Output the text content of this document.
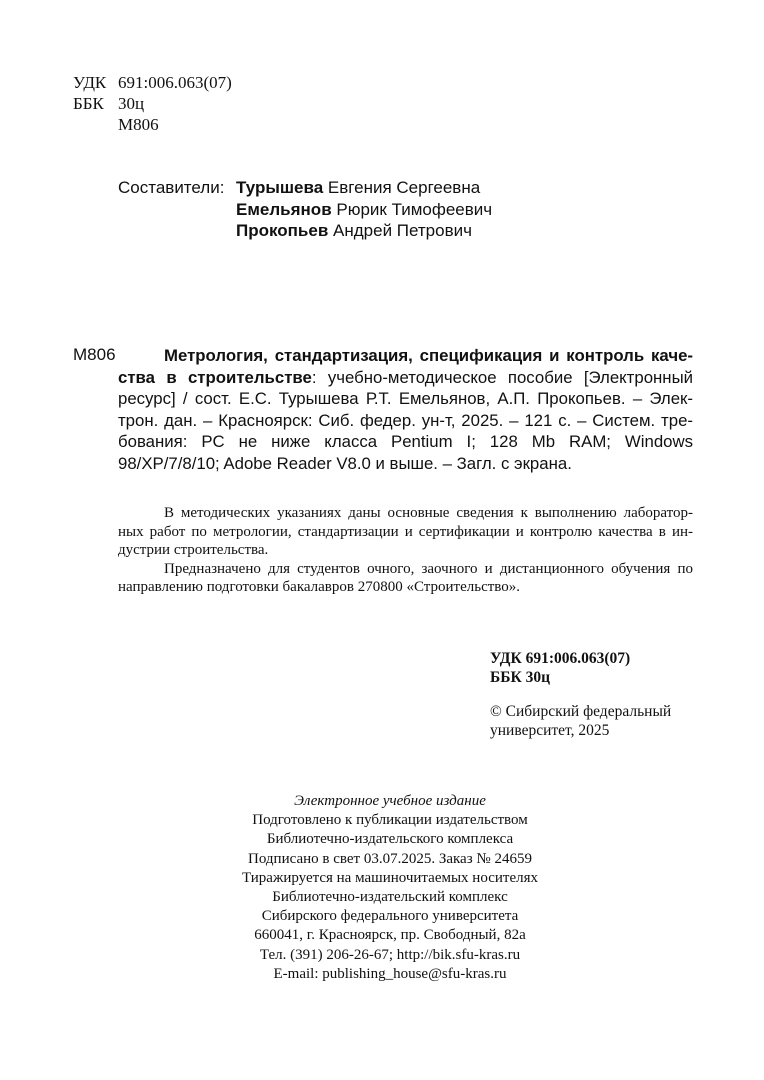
УДК 691:006.063(07)
ББК 30ц
М806
Составители: Турышева Евгения Сергеевна
Емельянов Рюрик Тимофеевич
Прокопьев Андрей Петрович
М806	Метрология, стандартизация, спецификация и контроль каче-
ства в строительстве: учебно-методическое пособие [Электронный
ресурс] / сост. Е.С. Турышева Р.Т. Емельянов, А.П. Прокопьев. – Элек-
трон. дан. – Красноярск: Сиб. федер. ун-т, 2025. – 121 с. – Систем. тре-
бования: PC не ниже класса Pentium I; 128 Mb RAM; Windows
98/XP/7/8/10; Adobe Reader V8.0 и выше. – Загл. с экрана.
В методических указаниях даны основные сведения к выполнению лаборатор-
ных работ по метрологии, стандартизации и сертификации и контролю качества в ин-
дустрии строительства.
Предназначено для студентов очного, заочного и дистанционного обучения по
направлению подготовки бакалавров 270800 «Строительство».
УДК 691:006.063(07)
ББК 30ц
© Сибирский федеральный
университет, 2025
Электронное учебное издание
Подготовлено к публикации издательством
Библиотечно-издательского комплекса
Подписано в свет 03.07.2025. Заказ № 24659
Тиражируется на машиночитаемых носителях
Библиотечно-издательский комплекс
Сибирского федерального университета
660041, г. Красноярск, пр. Свободный, 82а
Тел. (391) 206-26-67; http://bik.sfu-kras.ru
E-mail: publishing_house@sfu-kras.ru
